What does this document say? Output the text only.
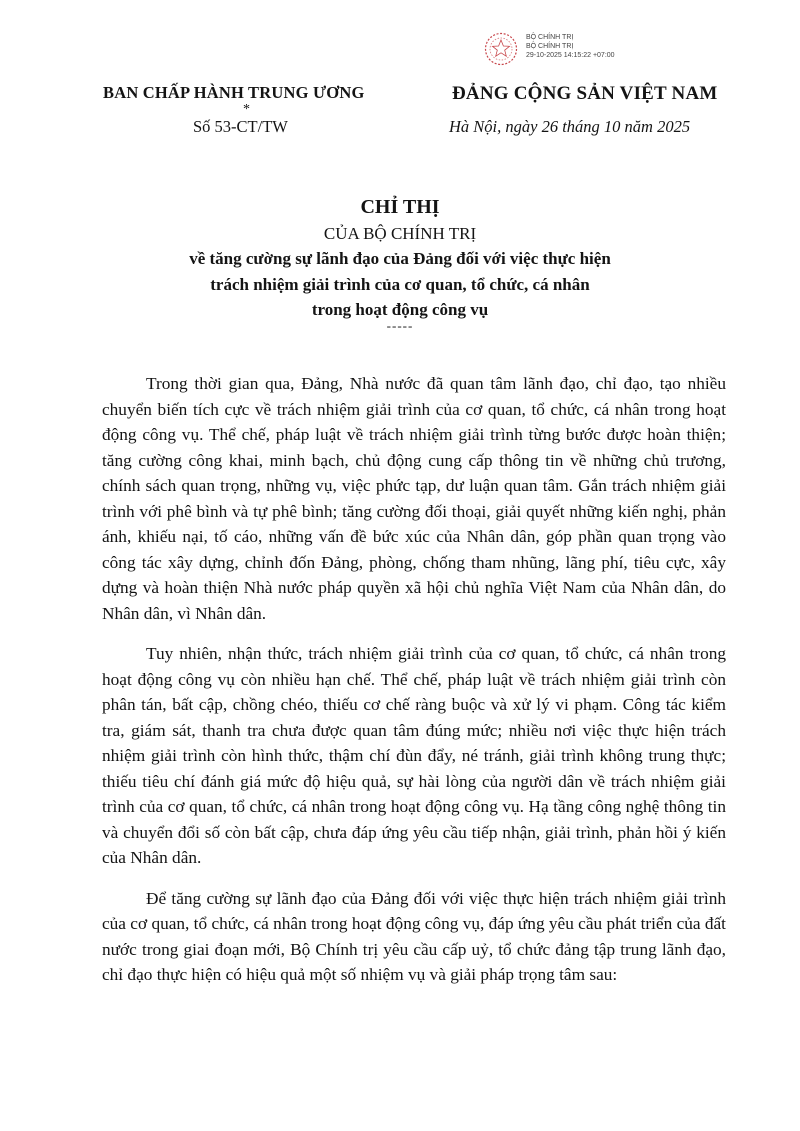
BỘ CHÍNH TRỊ
BỘ CHÍNH TRỊ
29-10-2025 14:15:22 +07:00
BAN CHẤP HÀNH TRUNG ƯƠNG
*
Số 53-CT/TW
ĐẢNG CỘNG SẢN VIỆT NAM
Hà Nội, ngày 26 tháng 10 năm 2025
CHỈ THỊ
CỦA BỘ CHÍNH TRỊ
về tăng cường sự lãnh đạo của Đảng đối với việc thực hiện
trách nhiệm giải trình của cơ quan, tổ chức, cá nhân
trong hoạt động công vụ
-----

Trong thời gian qua, Đảng, Nhà nước đã quan tâm lãnh đạo, chỉ đạo, tạo nhiều chuyển biến tích cực về trách nhiệm giải trình của cơ quan, tổ chức, cá nhân trong hoạt động công vụ. Thể chế, pháp luật về trách nhiệm giải trình từng bước được hoàn thiện; tăng cường công khai, minh bạch, chủ động cung cấp thông tin về những chủ trương, chính sách quan trọng, những vụ, việc phức tạp, dư luận quan tâm. Gắn trách nhiệm giải trình với phê bình và tự phê bình; tăng cường đối thoại, giải quyết những kiến nghị, phản ánh, khiếu nại, tố cáo, những vấn đề bức xúc của Nhân dân, góp phần quan trọng vào công tác xây dựng, chỉnh đốn Đảng, phòng, chống tham nhũng, lãng phí, tiêu cực, xây dựng và hoàn thiện Nhà nước pháp quyền xã hội chủ nghĩa Việt Nam của Nhân dân, do Nhân dân, vì Nhân dân.

Tuy nhiên, nhận thức, trách nhiệm giải trình của cơ quan, tổ chức, cá nhân trong hoạt động công vụ còn nhiều hạn chế. Thể chế, pháp luật về trách nhiệm giải trình còn phân tán, bất cập, chồng chéo, thiếu cơ chế ràng buộc và xử lý vi phạm. Công tác kiểm tra, giám sát, thanh tra chưa được quan tâm đúng mức; nhiều nơi việc thực hiện trách nhiệm giải trình còn hình thức, thậm chí đùn đẩy, né tránh, giải trình không trung thực; thiếu tiêu chí đánh giá mức độ hiệu quả, sự hài lòng của người dân về trách nhiệm giải trình của cơ quan, tổ chức, cá nhân trong hoạt động công vụ. Hạ tầng công nghệ thông tin và chuyển đổi số còn bất cập, chưa đáp ứng yêu cầu tiếp nhận, giải trình, phản hồi ý kiến của Nhân dân.

Để tăng cường sự lãnh đạo của Đảng đối với việc thực hiện trách nhiệm giải trình của cơ quan, tổ chức, cá nhân trong hoạt động công vụ, đáp ứng yêu cầu phát triển của đất nước trong giai đoạn mới, Bộ Chính trị yêu cầu cấp uỷ, tổ chức đảng tập trung lãnh đạo, chỉ đạo thực hiện có hiệu quả một số nhiệm vụ và giải pháp trọng tâm sau:
